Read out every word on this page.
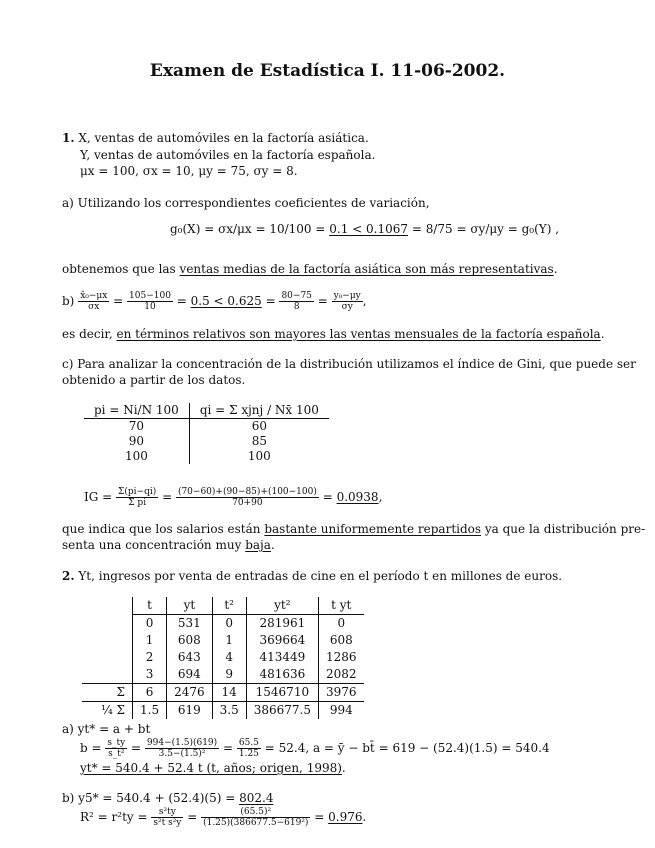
Examen de Estadística I. 11-06-2002.
1. X, ventas de automóviles en la factoría asiática.
Y, ventas de automóviles en la factoría española.
μx = 100, σx = 10, μy = 75, σy = 8.
a) Utilizando los correspondientes coeficientes de variación,
g₀(X) = σx/μx = 10/100 = 0.1 < 0.1067 = 8/75 = σy/μy = g₀(Y) ,
obtenemos que las ventas medias de la factoría asiática son más representativas.
$b) \frac{\text{x̄₀−μx}}{\sigma x} = \frac{105-100}{10} = 0.5 < 0.625 = \frac{80-75}{8} = \frac{\text{y₀−μy}}{\sigma y}$ ,
es decir, en términos relativos son mayores las ventas mensuales de la factoría española.
c) Para analizar la concentración de la distribución utilizamos el índice de Gini, que puede ser
obtenido a partir de los datos.
pi = Ni/N 100	qi = Σ xjnj / Nx̄ 100
70	60
90	85
100	100
IG = $\frac{\Sigma(pi-qi)}{\text{Σ pi}} = \frac{(70-60)+(90-85)+(100-100)}{70+90} = 0.0938$,
que indica que los salarios están bastante uniformemente repartidos ya que la distribución pre-
senta una concentración muy baja.
2. Yt, ingresos por venta de entradas de cine en el período t en millones de euros.
	t	yt	t²	yt²	t yt
	0	531	0	281961	0
	1	608	1	369664	608
	2	643	4	413449	1286
	3	694	9	481636	2082
Σ	6	2476	14	1546710	3976
¼ Σ	1.5	619	3.5	386677.5	994
a) yt* = a + bt
$b = \frac{s\_ty}{\text{s\_t²}} = \frac{994-(1.5)(619)}{\text{3.5−(1.5)²}} = \frac{65.5}{1.25} = 52.4$, a = ȳ − bt̄ = 619 − (52.4)(1.5) = 540.4
yt* = 540.4 + 52.4 t (t, años; origen, 1998).
b) y5* = 540.4 + (52.4)(5) = 802.4
$R^2 = r^2ty = \frac{\text{s²ty}}{\text{s²t s²y}} = \frac{\text{(65.5)²}}{\text{(1.25)(386677.5−619²)}} = 0.976$.
